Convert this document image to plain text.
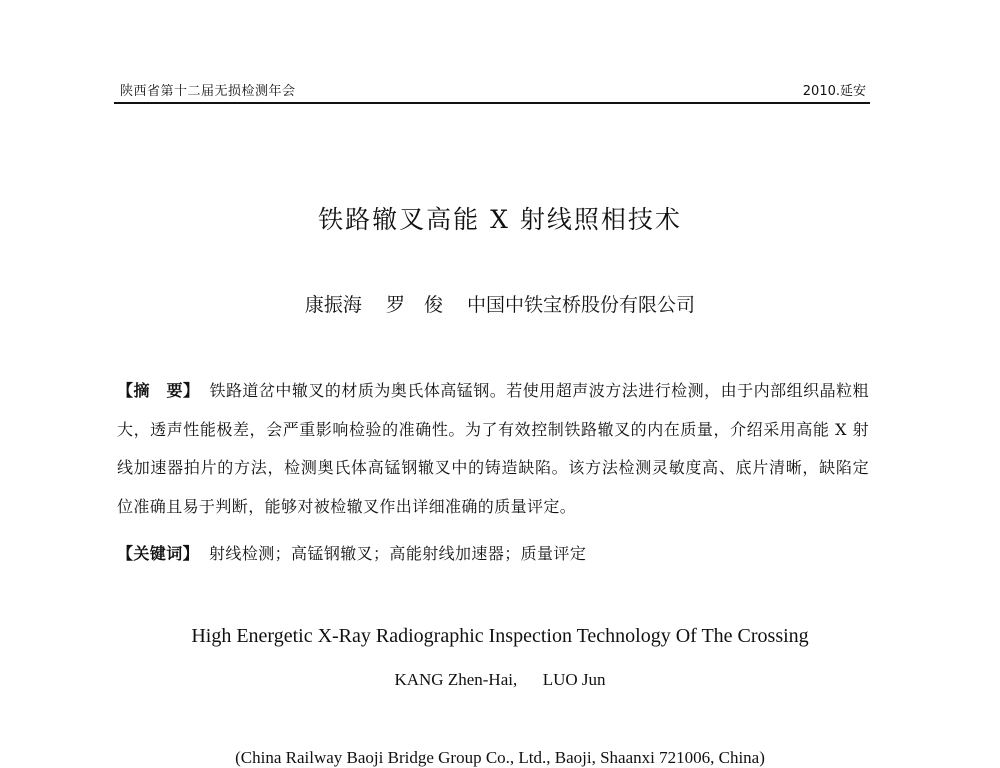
陕西省第十二届无损检测年会	2010.延安
铁路辙叉高能 X 射线照相技术
康振海 罗　俊 中国中铁宝桥股份有限公司
【摘　要】 铁路道岔中辙叉的材质为奥氏体高锰钢。若使用超声波方法进行检测，由于内部组织晶粒粗大，透声性能极差，会严重影响检验的准确性。为了有效控制铁路辙叉的内在质量，介绍采用高能 X 射线加速器拍片的方法，检测奥氏体高锰钢辙叉中的铸造缺陷。该方法检测灵敏度高、底片清晰，缺陷定位准确且易于判断，能够对被检辙叉作出详细准确的质量评定。
【关键词】 射线检测；高锰钢辙叉；高能射线加速器；质量评定
High Energetic X-Ray Radiographic Inspection Technology Of The Crossing
KANG Zhen-Hai,      LUO Jun
(China Railway Baoji Bridge Group Co., Ltd., Baoji, Shaanxi 721006, China)
